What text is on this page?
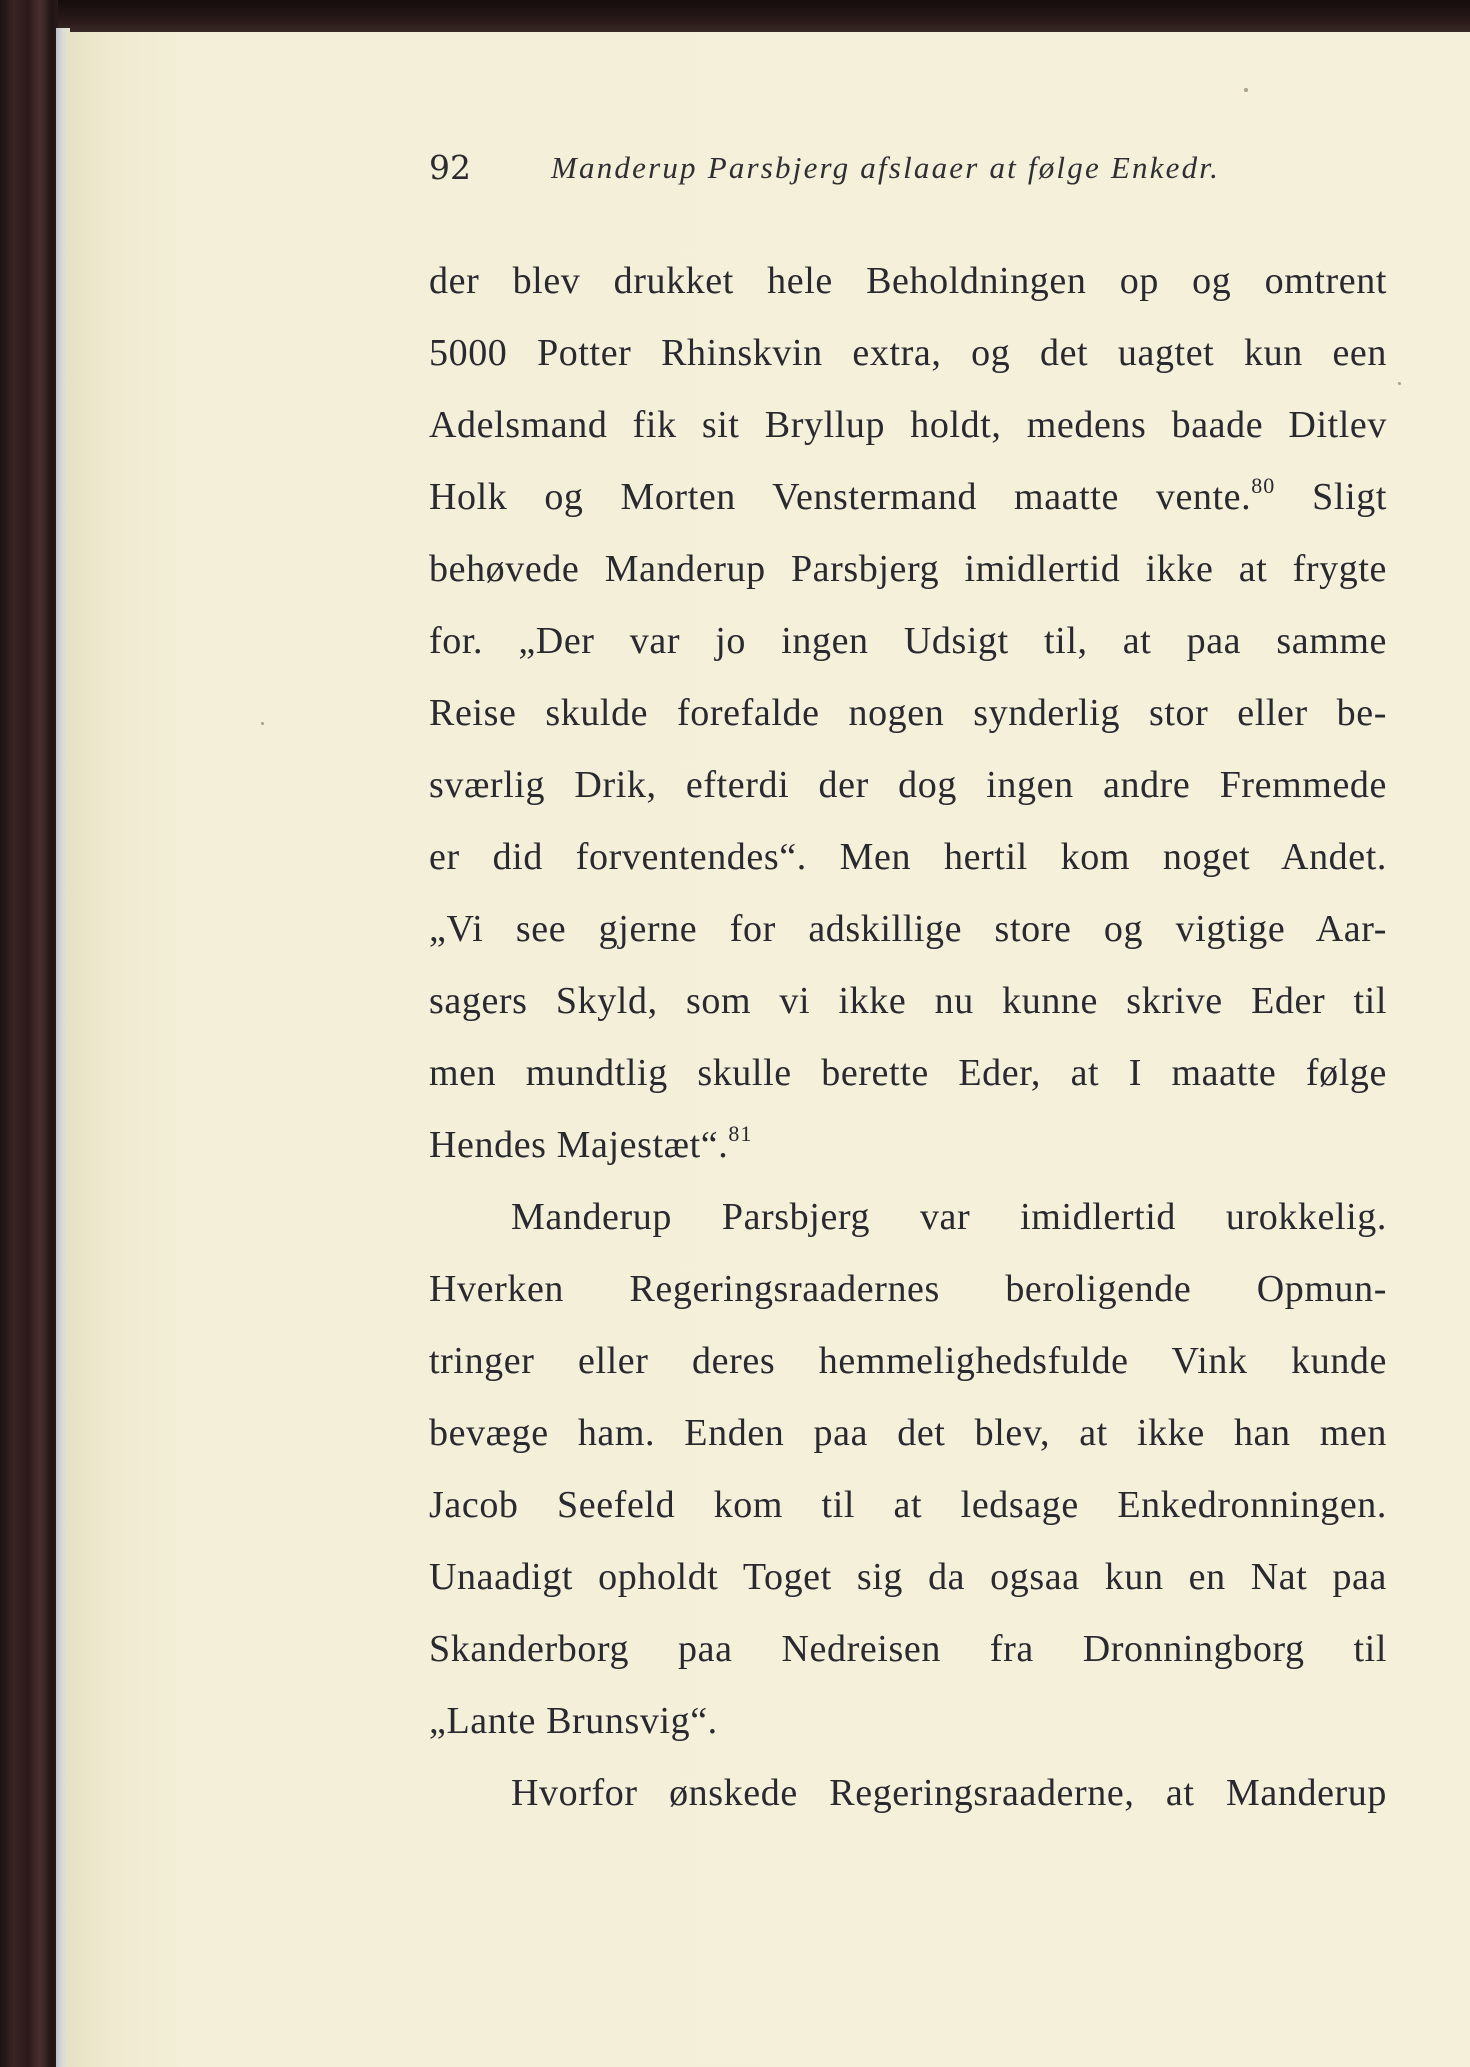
92	Manderup Parsbjerg afslaaer at følge Enkedr.
der blev drukket hele Beholdningen op og omtrent
5000 Potter Rhinskvin extra, og det uagtet kun een
Adelsmand fik sit Bryllup holdt, medens baade Ditlev
Holk og Morten Venstermand maatte vente.$^{80}$ Sligt
behøvede Manderup Parsbjerg imidlertid ikke at frygte
for. „Der var jo ingen Udsigt til, at paa samme
Reise skulde forefalde nogen synderlig stor eller be-
sværlig Drik, efterdi der dog ingen andre Fremmede
er did forventendes“. Men hertil kom noget Andet.
„Vi see gjerne for adskillige store og vigtige Aar-
sagers Skyld, som vi ikke nu kunne skrive Eder til
men mundtlig skulle berette Eder, at I maatte følge
Hendes Majestæt“.$^{81}$
Manderup Parsbjerg var imidlertid urokkelig.
Hverken Regeringsraadernes beroligende Opmun-
tringer eller deres hemmelighedsfulde Vink kunde
bevæge ham. Enden paa det blev, at ikke han men
Jacob Seefeld kom til at ledsage Enkedronningen.
Unaadigt opholdt Toget sig da ogsaa kun en Nat paa
Skanderborg paa Nedreisen fra Dronningborg til
„Lante Brunsvig“.
Hvorfor ønskede Regeringsraaderne, at Manderup
